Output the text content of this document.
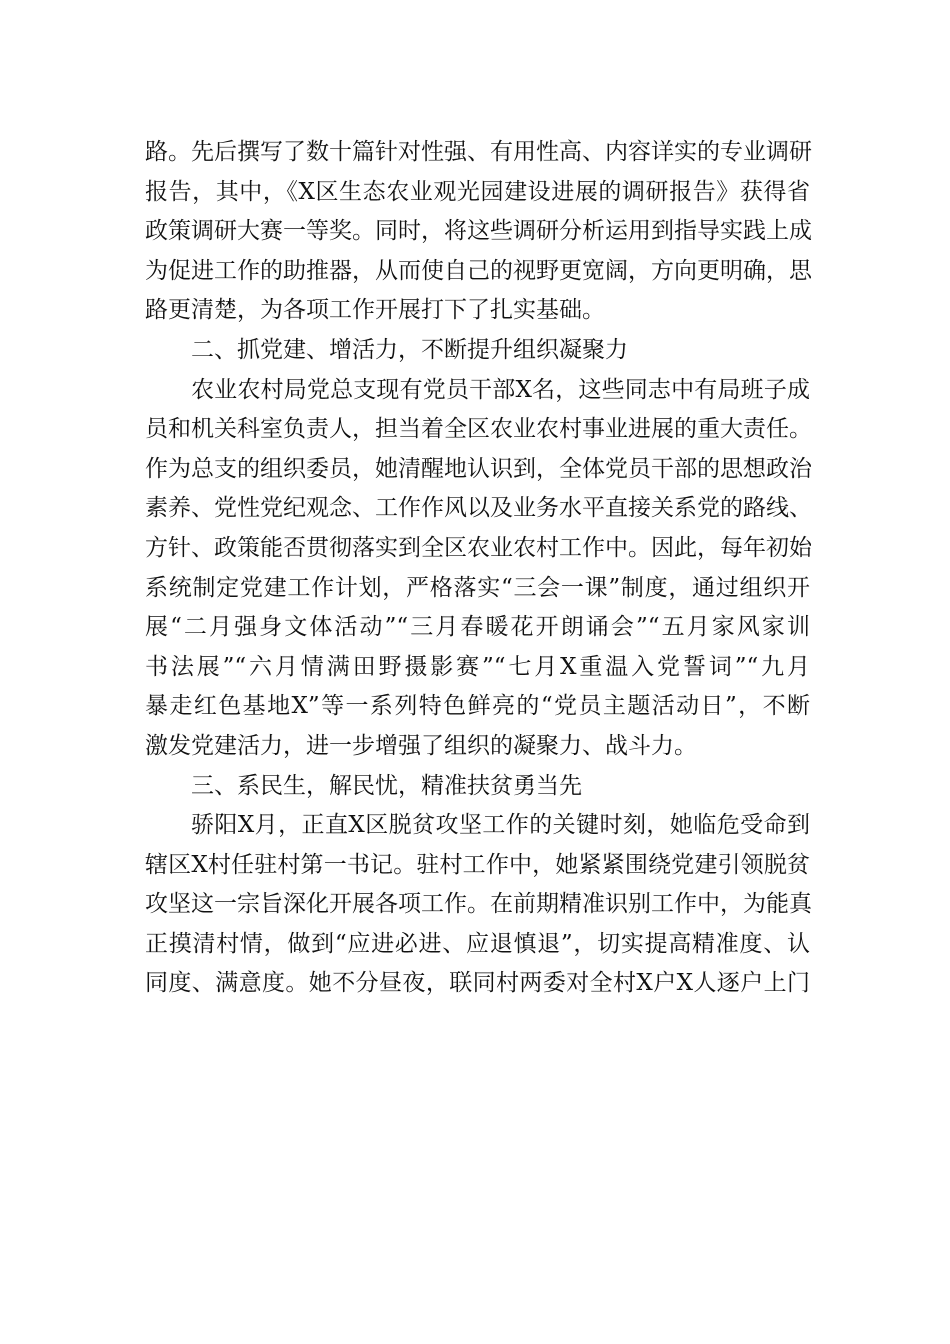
路。先后撰写了数十篇针对性强、有用性高、内容详实的专业调研
报告，其中，《X区生态农业观光园建设进展的调研报告》获得省
政策调研大赛一等奖。同时，将这些调研分析运用到指导实践上成
为促进工作的助推器，从而使自己的视野更宽阔，方向更明确，思
路更清楚，为各项工作开展打下了扎实基础。
二、抓党建、增活力，不断提升组织凝聚力
农业农村局党总支现有党员干部X名，这些同志中有局班子成
员和机关科室负责人，担当着全区农业农村事业进展的重大责任。
作为总支的组织委员，她清醒地认识到，全体党员干部的思想政治
素养、党性党纪观念、工作作风以及业务水平直接关系党的路线、
方针、政策能否贯彻落实到全区农业农村工作中。因此，每年初始
系统制定党建工作计划，严格落实“三会一课”制度，通过组织开
展“二月强身文体活动”“三月春暖花开朗诵会”“五月家风家训
书法展”“六月情满田野摄影赛”“七月X重温入党誓词”“九月
暴走红色基地X”等一系列特色鲜亮的“党员主题活动日”，不断
激发党建活力，进一步增强了组织的凝聚力、战斗力。
三、系民生，解民忧，精准扶贫勇当先
骄阳X月，正直X区脱贫攻坚工作的关键时刻，她临危受命到
辖区X村任驻村第一书记。驻村工作中，她紧紧围绕党建引领脱贫
攻坚这一宗旨深化开展各项工作。在前期精准识别工作中，为能真
正摸清村情，做到“应进必进、应退慎退”，切实提高精准度、认
同度、满意度。她不分昼夜，联同村两委对全村X户X人逐户上门
